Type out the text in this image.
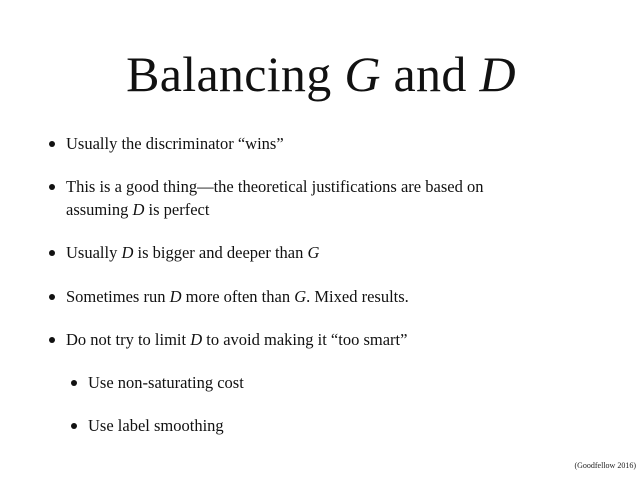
Balancing G and D
Usually the discriminator “wins”
This is a good thing—the theoretical justifications are based on
assuming D is perfect
Usually D is bigger and deeper than G
Sometimes run D more often than G. Mixed results.
Do not try to limit D to avoid making it “too smart”
Use non-saturating cost
Use label smoothing
(Goodfellow 2016)
